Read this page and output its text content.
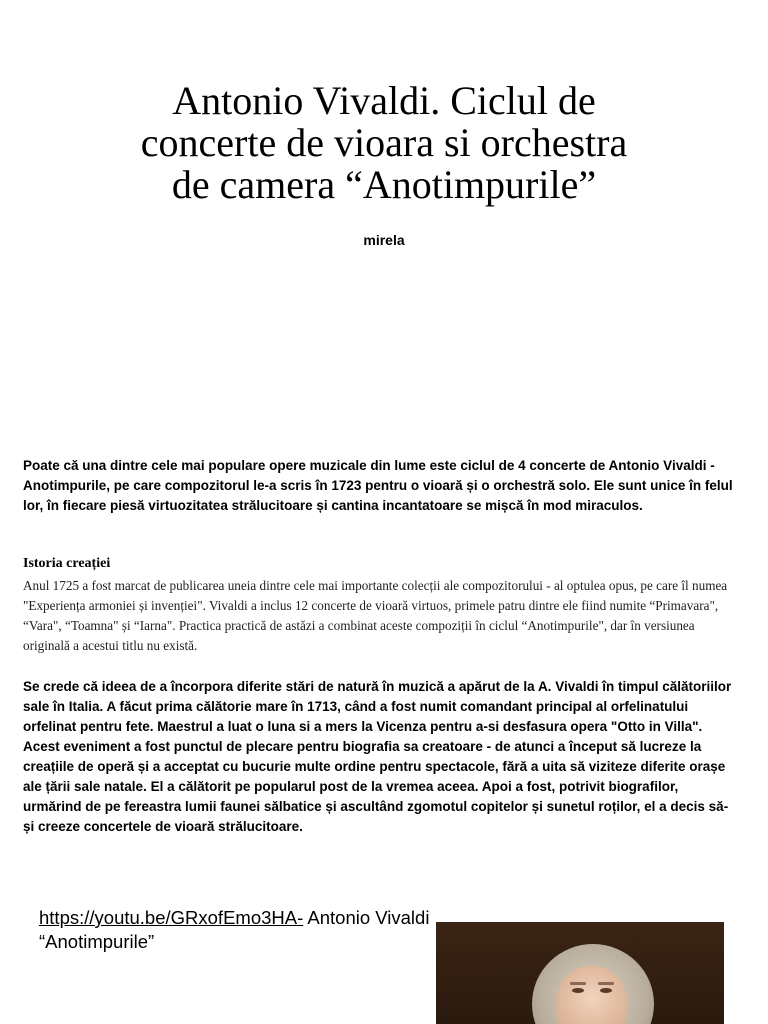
Antonio Vivaldi. Ciclul de
concerte de vioara si orchestra
de camera “Anotimpurile”
mirela
Poate că una dintre cele mai populare opere muzicale din lume este ciclul de 4 concerte de Antonio Vivaldi - Anotimpurile, pe care compozitorul le-a scris în 1723 pentru o vioară și o orchestră solo. Ele sunt unice în felul lor, în fiecare piesă virtuozitatea strălucitoare și cantina incantatoare se mișcă în mod miraculos.
Istoria creației
Anul 1725 a fost marcat de publicarea uneia dintre cele mai importante colecții ale compozitorului - al optulea opus, pe care îl numea "Experiența armoniei și invenției". Vivaldi a inclus 12 concerte de vioară virtuos, primele patru dintre ele fiind numite “Primavara", “Vara", “Toamna" și “Iarna". Practica practică de astăzi a combinat aceste compoziții în ciclul “Anotimpurile", dar în versiunea originală a acestui titlu nu există.
Se crede că ideea de a încorpora diferite stări de natură în muzică a apărut de la A. Vivaldi în timpul călătoriilor sale în Italia. A făcut prima călătorie mare în 1713, când a fost numit comandant principal al orfelinatului orfelinat pentru fete. Maestrul a luat o luna si a mers la Vicenza pentru a-si desfasura opera "Otto in Villa". Acest eveniment a fost punctul de plecare pentru biografia sa creatoare - de atunci a început să lucreze la creațiile de operă și a acceptat cu bucurie multe ordine pentru spectacole, fără a uita să viziteze diferite orașe ale țării sale natale. El a călătorit pe popularul post de la vremea aceea. Apoi a fost, potrivit biografilor, urmărind de pe fereastra lumii faunei sălbatice și ascultând zgomotul copitelor și sunetul roților, el a decis să-și creeze concertele de vioară strălucitoare.
https://youtu.be/GRxofEmo3HA- Antonio Vivaldi “Anotimpurile”
